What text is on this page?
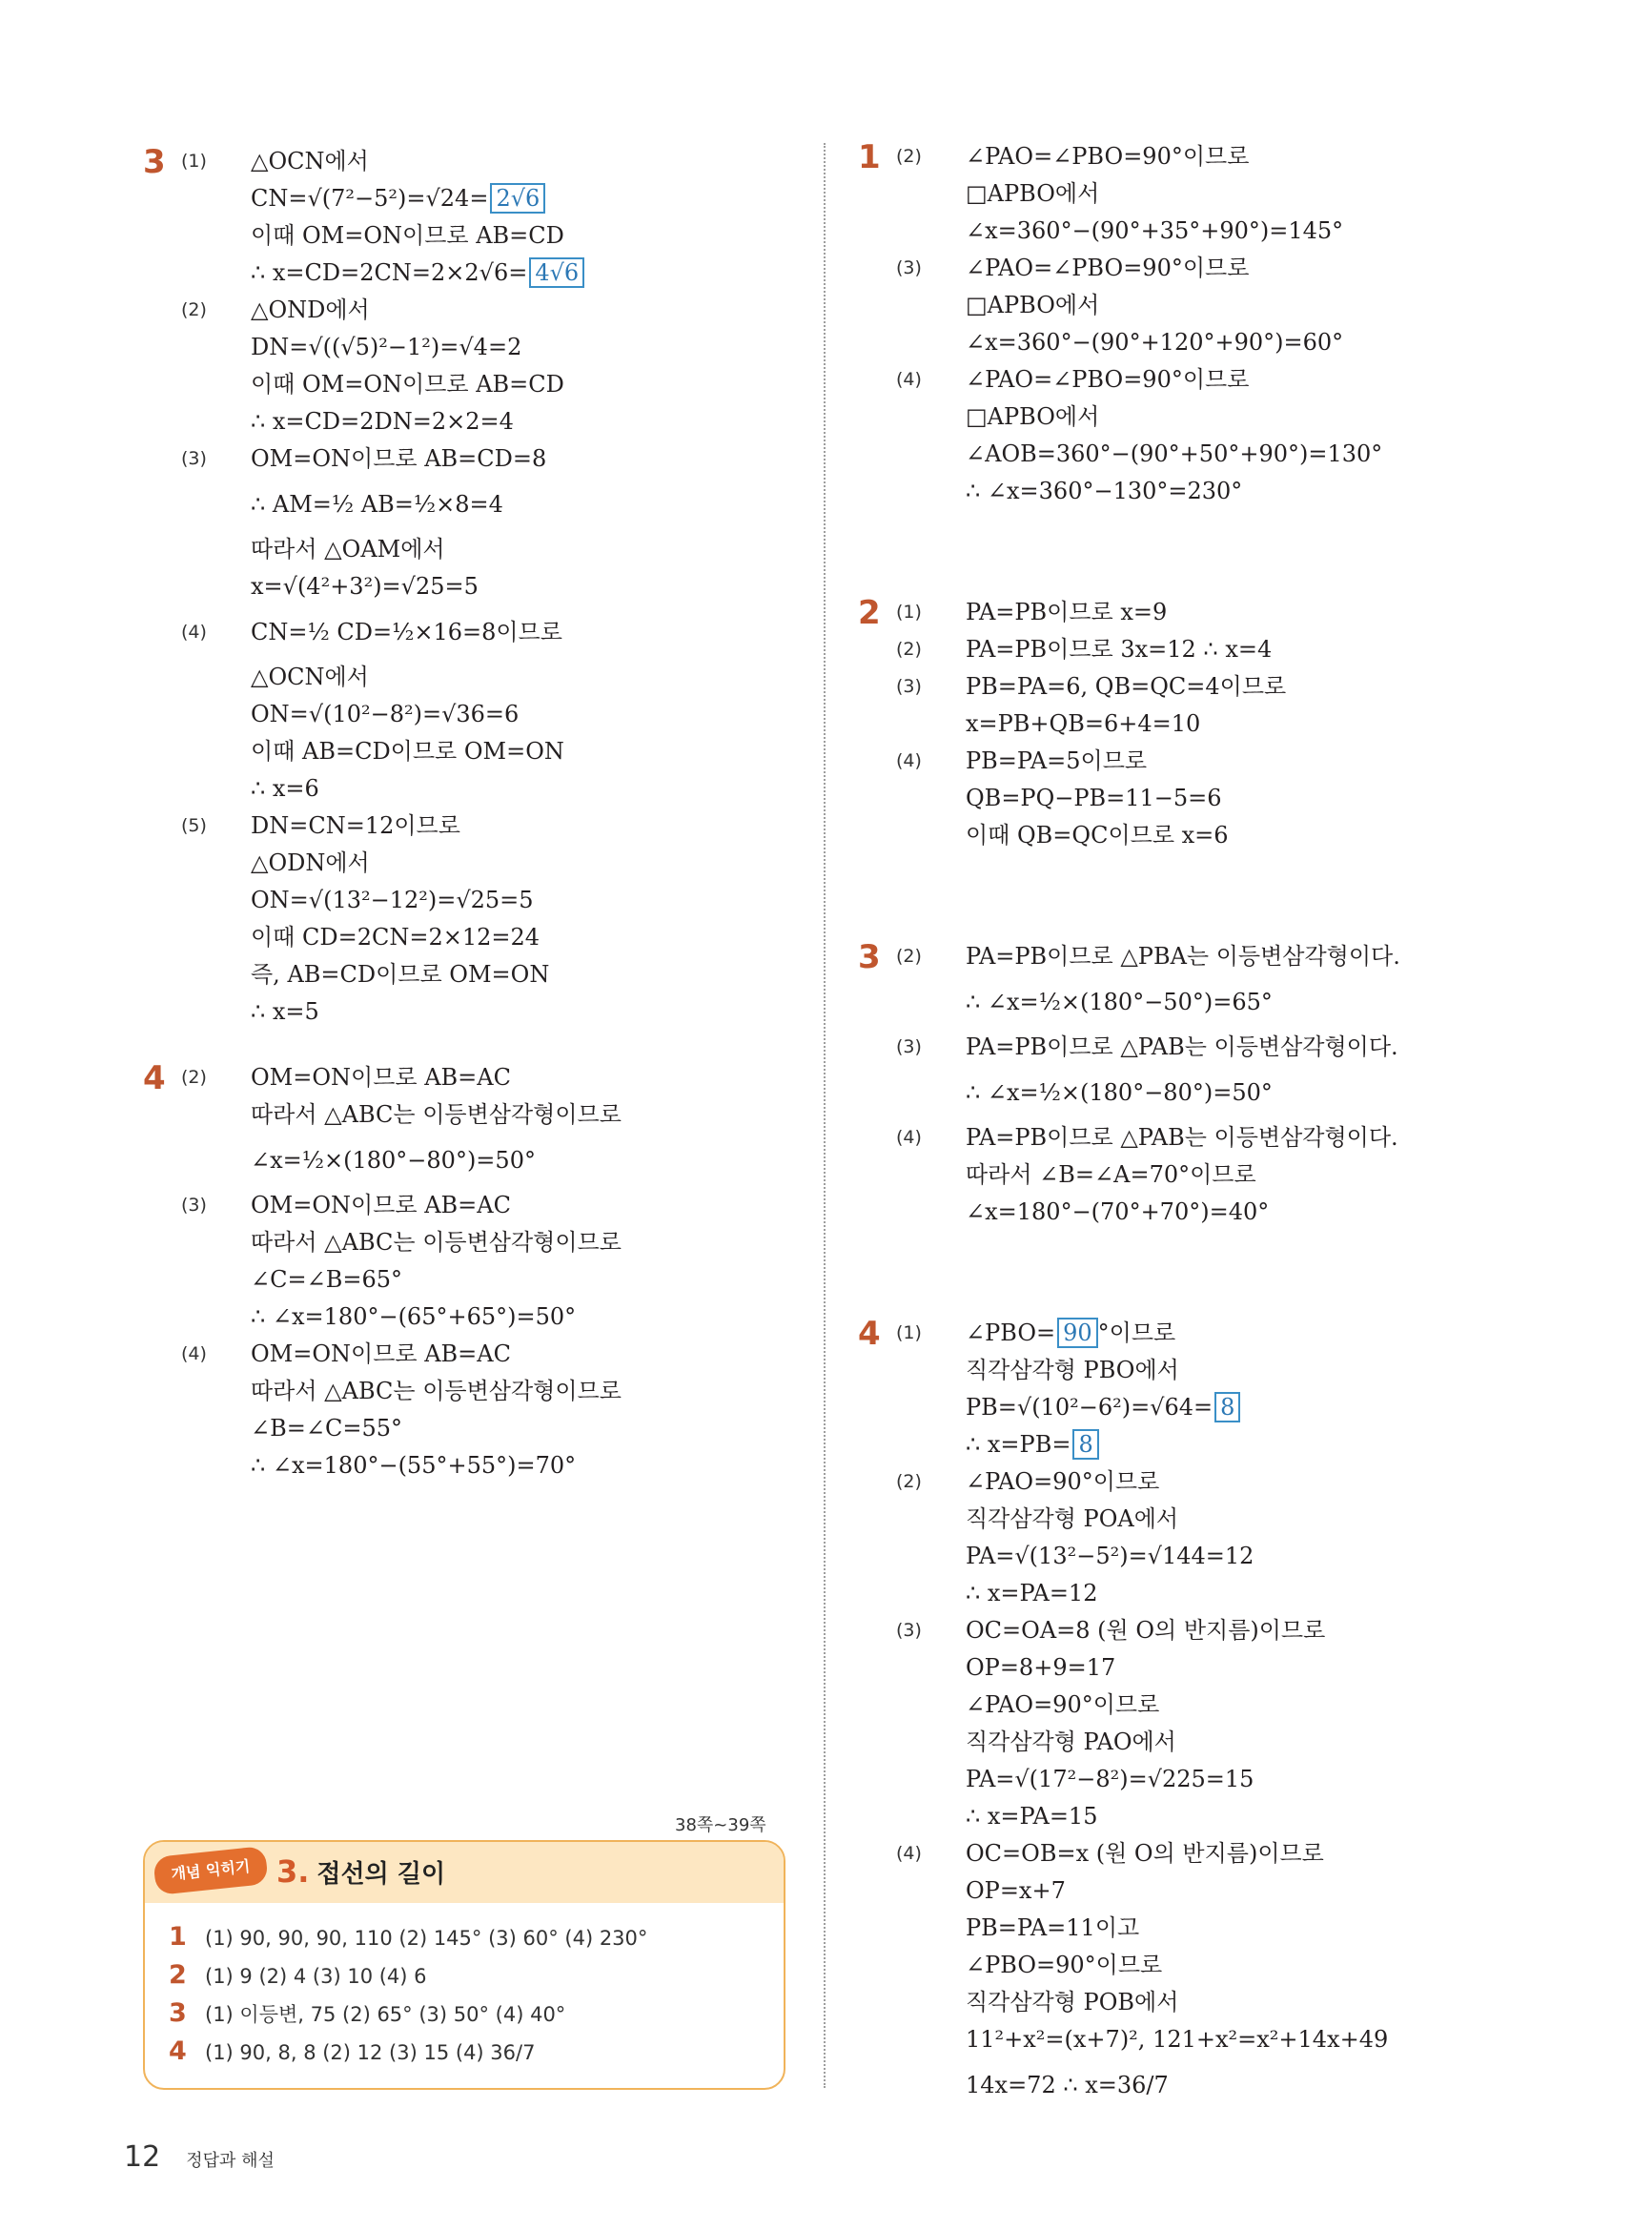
3 (1) △OCN에서
CN=√(7²−5²)=√24= 2√6
이때 OM=ON이므로 AB=CD
∴ x=CD=2CN=2×2√6= 4√6
(2) △OND에서
DN=√((√5)²−1²)=√4=2
이때 OM=ON이므로 AB=CD
∴ x=CD=2DN=2×2=4
(3) OM=ON이므로 AB=CD=8
∴ AM=½ AB=½×8=4
따라서 △OAM에서
x=√(4²+3²)=√25=5
(4) CN=½ CD=½×16=8이므로
△OCN에서
ON=√(10²−8²)=√36=6
이때 AB=CD이므로 OM=ON
∴ x=6
(5) DN=CN=12이므로
△ODN에서
ON=√(13²−12²)=√25=5
이때 CD=2CN=2×12=24
즉, AB=CD이므로 OM=ON
∴ x=5
4 (2) OM=ON이므로 AB=AC
따라서 △ABC는 이등변삼각형이므로
∠x=½×(180°−80°)=50°
(3) OM=ON이므로 AB=AC
따라서 △ABC는 이등변삼각형이므로
∠C=∠B=65°
∴ ∠x=180°−(65°+65°)=50°
(4) OM=ON이므로 AB=AC
따라서 △ABC는 이등변삼각형이므로
∠B=∠C=55°
∴ ∠x=180°−(55°+55°)=70°
1 (2) ∠PAO=∠PBO=90°이므로
□APBO에서
∠x=360°−(90°+35°+90°)=145°
(3) ∠PAO=∠PBO=90°이므로
□APBO에서
∠x=360°−(90°+120°+90°)=60°
(4) ∠PAO=∠PBO=90°이므로
□APBO에서
∠AOB=360°−(90°+50°+90°)=130°
∴ ∠x=360°−130°=230°
2 (1) PA=PB이므로 x=9
(2) PA=PB이므로 3x=12 ∴ x=4
(3) PB=PA=6, QB=QC=4이므로
x=PB+QB=6+4=10
(4) PB=PA=5이므로
QB=PQ−PB=11−5=6
이때 QB=QC이므로 x=6
3 (2) PA=PB이므로 △PBA는 이등변삼각형이다.
∴ ∠x=½×(180°−50°)=65°
(3) PA=PB이므로 △PAB는 이등변삼각형이다.
∴ ∠x=½×(180°−80°)=50°
(4) PA=PB이므로 △PAB는 이등변삼각형이다.
따라서 ∠B=∠A=70°이므로
∠x=180°−(70°+70°)=40°
4 (1) ∠PBO= 90 °이므로
직각삼각형 PBO에서
PB=√(10²−6²)=√64= 8
∴ x=PB= 8
(2) ∠PAO=90°이므로
직각삼각형 POA에서
PA=√(13²−5²)=√144=12
∴ x=PA=12
(3) OC=OA=8 (원 O의 반지름)이므로
OP=8+9=17
∠PAO=90°이므로
직각삼각형 PAO에서
PA=√(17²−8²)=√225=15
∴ x=PA=15
(4) OC=OB=x (원 O의 반지름)이므로
OP=x+7
PB=PA=11이고
∠PBO=90°이므로
직각삼각형 POB에서
11²+x²=(x+7)², 121+x²=x²+14x+49
14x=72 ∴ x=36/7
38쪽~39쪽
개념 익히기 3. 접선의 길이
1 (1) 90, 90, 90, 110 (2) 145° (3) 60° (4) 230°
2 (1) 9 (2) 4 (3) 10 (4) 6
3 (1) 이등변, 75 (2) 65° (3) 50° (4) 40°
4 (1) 90, 8, 8 (2) 12 (3) 15 (4) 36/7
12 정답과 해설
